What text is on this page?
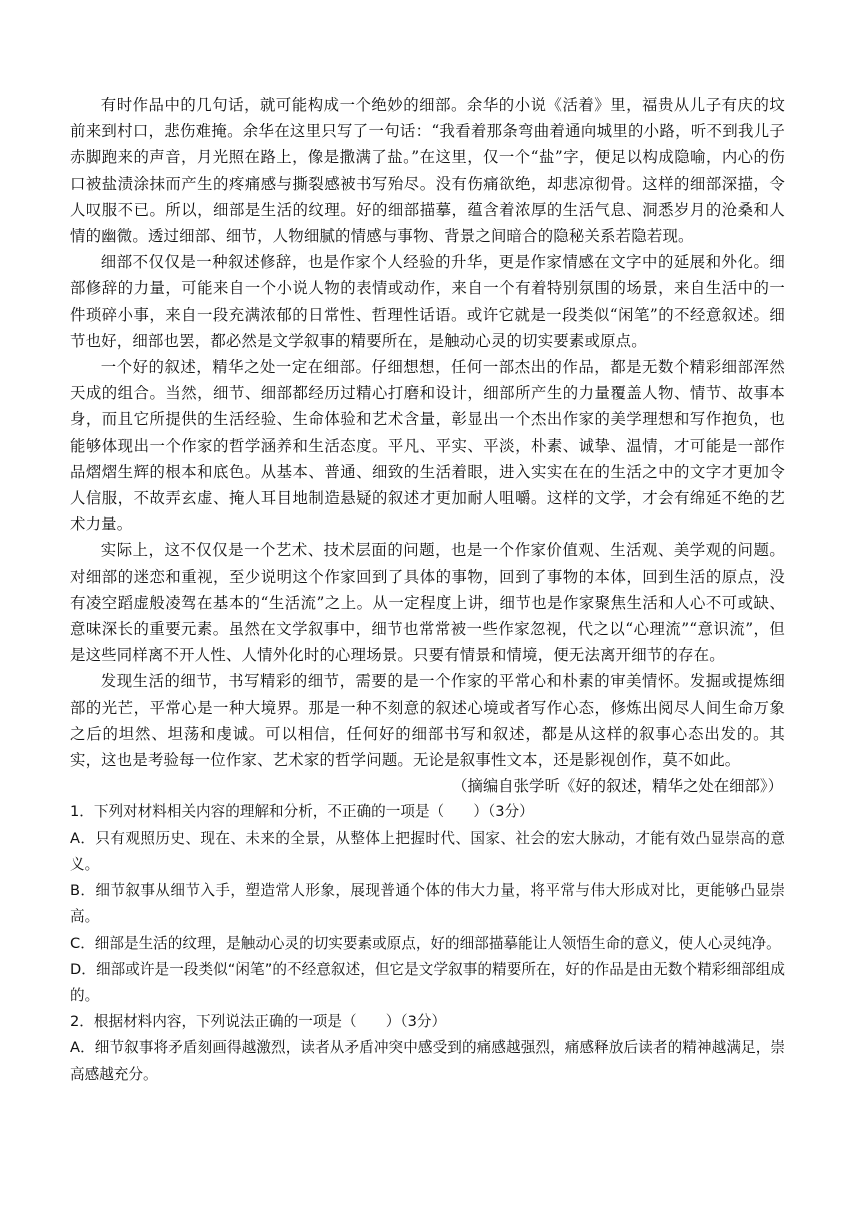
有时作品中的几句话，就可能构成一个绝妙的细部。余华的小说《活着》里，福贵从儿子有庆的坟前来到村口，悲伤难掩。余华在这里只写了一句话：“我看着那条弯曲着通向城里的小路，听不到我儿子赤脚跑来的声音，月光照在路上，像是撒满了盐。”在这里，仅一个“盐”字，便足以构成隐喻，内心的伤口被盐渍涂抹而产生的疼痛感与撕裂感被书写殆尽。没有伤痛欲绝，却悲凉彻骨。这样的细部深描，令人叹服不已。所以，细部是生活的纹理。好的细部描摹，蕴含着浓厚的生活气息、洞悉岁月的沧桑和人情的幽微。透过细部、细节，人物细腻的情感与事物、背景之间暗合的隐秘关系若隐若现。

细部不仅仅是一种叙述修辞，也是作家个人经验的升华，更是作家情感在文字中的延展和外化。细部修辞的力量，可能来自一个小说人物的表情或动作，来自一个有着特别氛围的场景，来自生活中的一件琐碎小事，来自一段充满浓郁的日常性、哲理性话语。或许它就是一段类似“闲笔”的不经意叙述。细节也好，细部也罢，都必然是文学叙事的精要所在，是触动心灵的切实要素或原点。

一个好的叙述，精华之处一定在细部。仔细想想，任何一部杰出的作品，都是无数个精彩细部浑然天成的组合。当然，细节、细部都经历过精心打磨和设计，细部所产生的力量覆盖人物、情节、故事本身，而且它所提供的生活经验、生命体验和艺术含量，彰显出一个杰出作家的美学理想和写作抱负，也能够体现出一个作家的哲学涵养和生活态度。平凡、平实、平淡，朴素、诚挚、温情，才可能是一部作品熠熠生辉的根本和底色。从基本、普通、细致的生活着眼，进入实实在在的生活之中的文字才更加令人信服，不故弄玄虚、掩人耳目地制造悬疑的叙述才更加耐人咀嚼。这样的文学，才会有绵延不绝的艺术力量。

实际上，这不仅仅是一个艺术、技术层面的问题，也是一个作家价值观、生活观、美学观的问题。对细部的迷恋和重视，至少说明这个作家回到了具体的事物，回到了事物的本体，回到生活的原点，没有凌空蹈虚般凌驾在基本的“生活流”之上。从一定程度上讲，细节也是作家聚焦生活和人心不可或缺、意味深长的重要元素。虽然在文学叙事中，细节也常常被一些作家忽视，代之以“心理流”“意识流”，但是这些同样离不开人性、人情外化时的心理场景。只要有情景和情境，便无法离开细节的存在。

发现生活的细节，书写精彩的细节，需要的是一个作家的平常心和朴素的审美情怀。发掘或提炼细部的光芒，平常心是一种大境界。那是一种不刻意的叙述心境或者写作心态，修炼出阅尽人间生命万象之后的坦然、坦荡和虔诚。可以相信，任何好的细部书写和叙述，都是从这样的叙事心态出发的。其实，这也是考验每一位作家、艺术家的哲学问题。无论是叙事性文本，还是影视创作，莫不如此。

（摘编自张学昕《好的叙述，精华之处在细部》）

1．下列对材料相关内容的理解和分析，不正确的一项是（　　）（3分）

A．只有观照历史、现在、未来的全景，从整体上把握时代、国家、社会的宏大脉动，才能有效凸显崇高的意义。

B．细节叙事从细节入手，塑造常人形象，展现普通个体的伟大力量，将平常与伟大形成对比，更能够凸显崇高。

C．细部是生活的纹理，是触动心灵的切实要素或原点，好的细部描摹能让人领悟生命的意义，使人心灵纯净。

D．细部或许是一段类似“闲笔”的不经意叙述，但它是文学叙事的精要所在，好的作品是由无数个精彩细部组成的。

2．根据材料内容，下列说法正确的一项是（　　）（3分）

A．细节叙事将矛盾刻画得越激烈，读者从矛盾冲突中感受到的痛感越强烈，痛感释放后读者的精神越满足，崇高感越充分。
